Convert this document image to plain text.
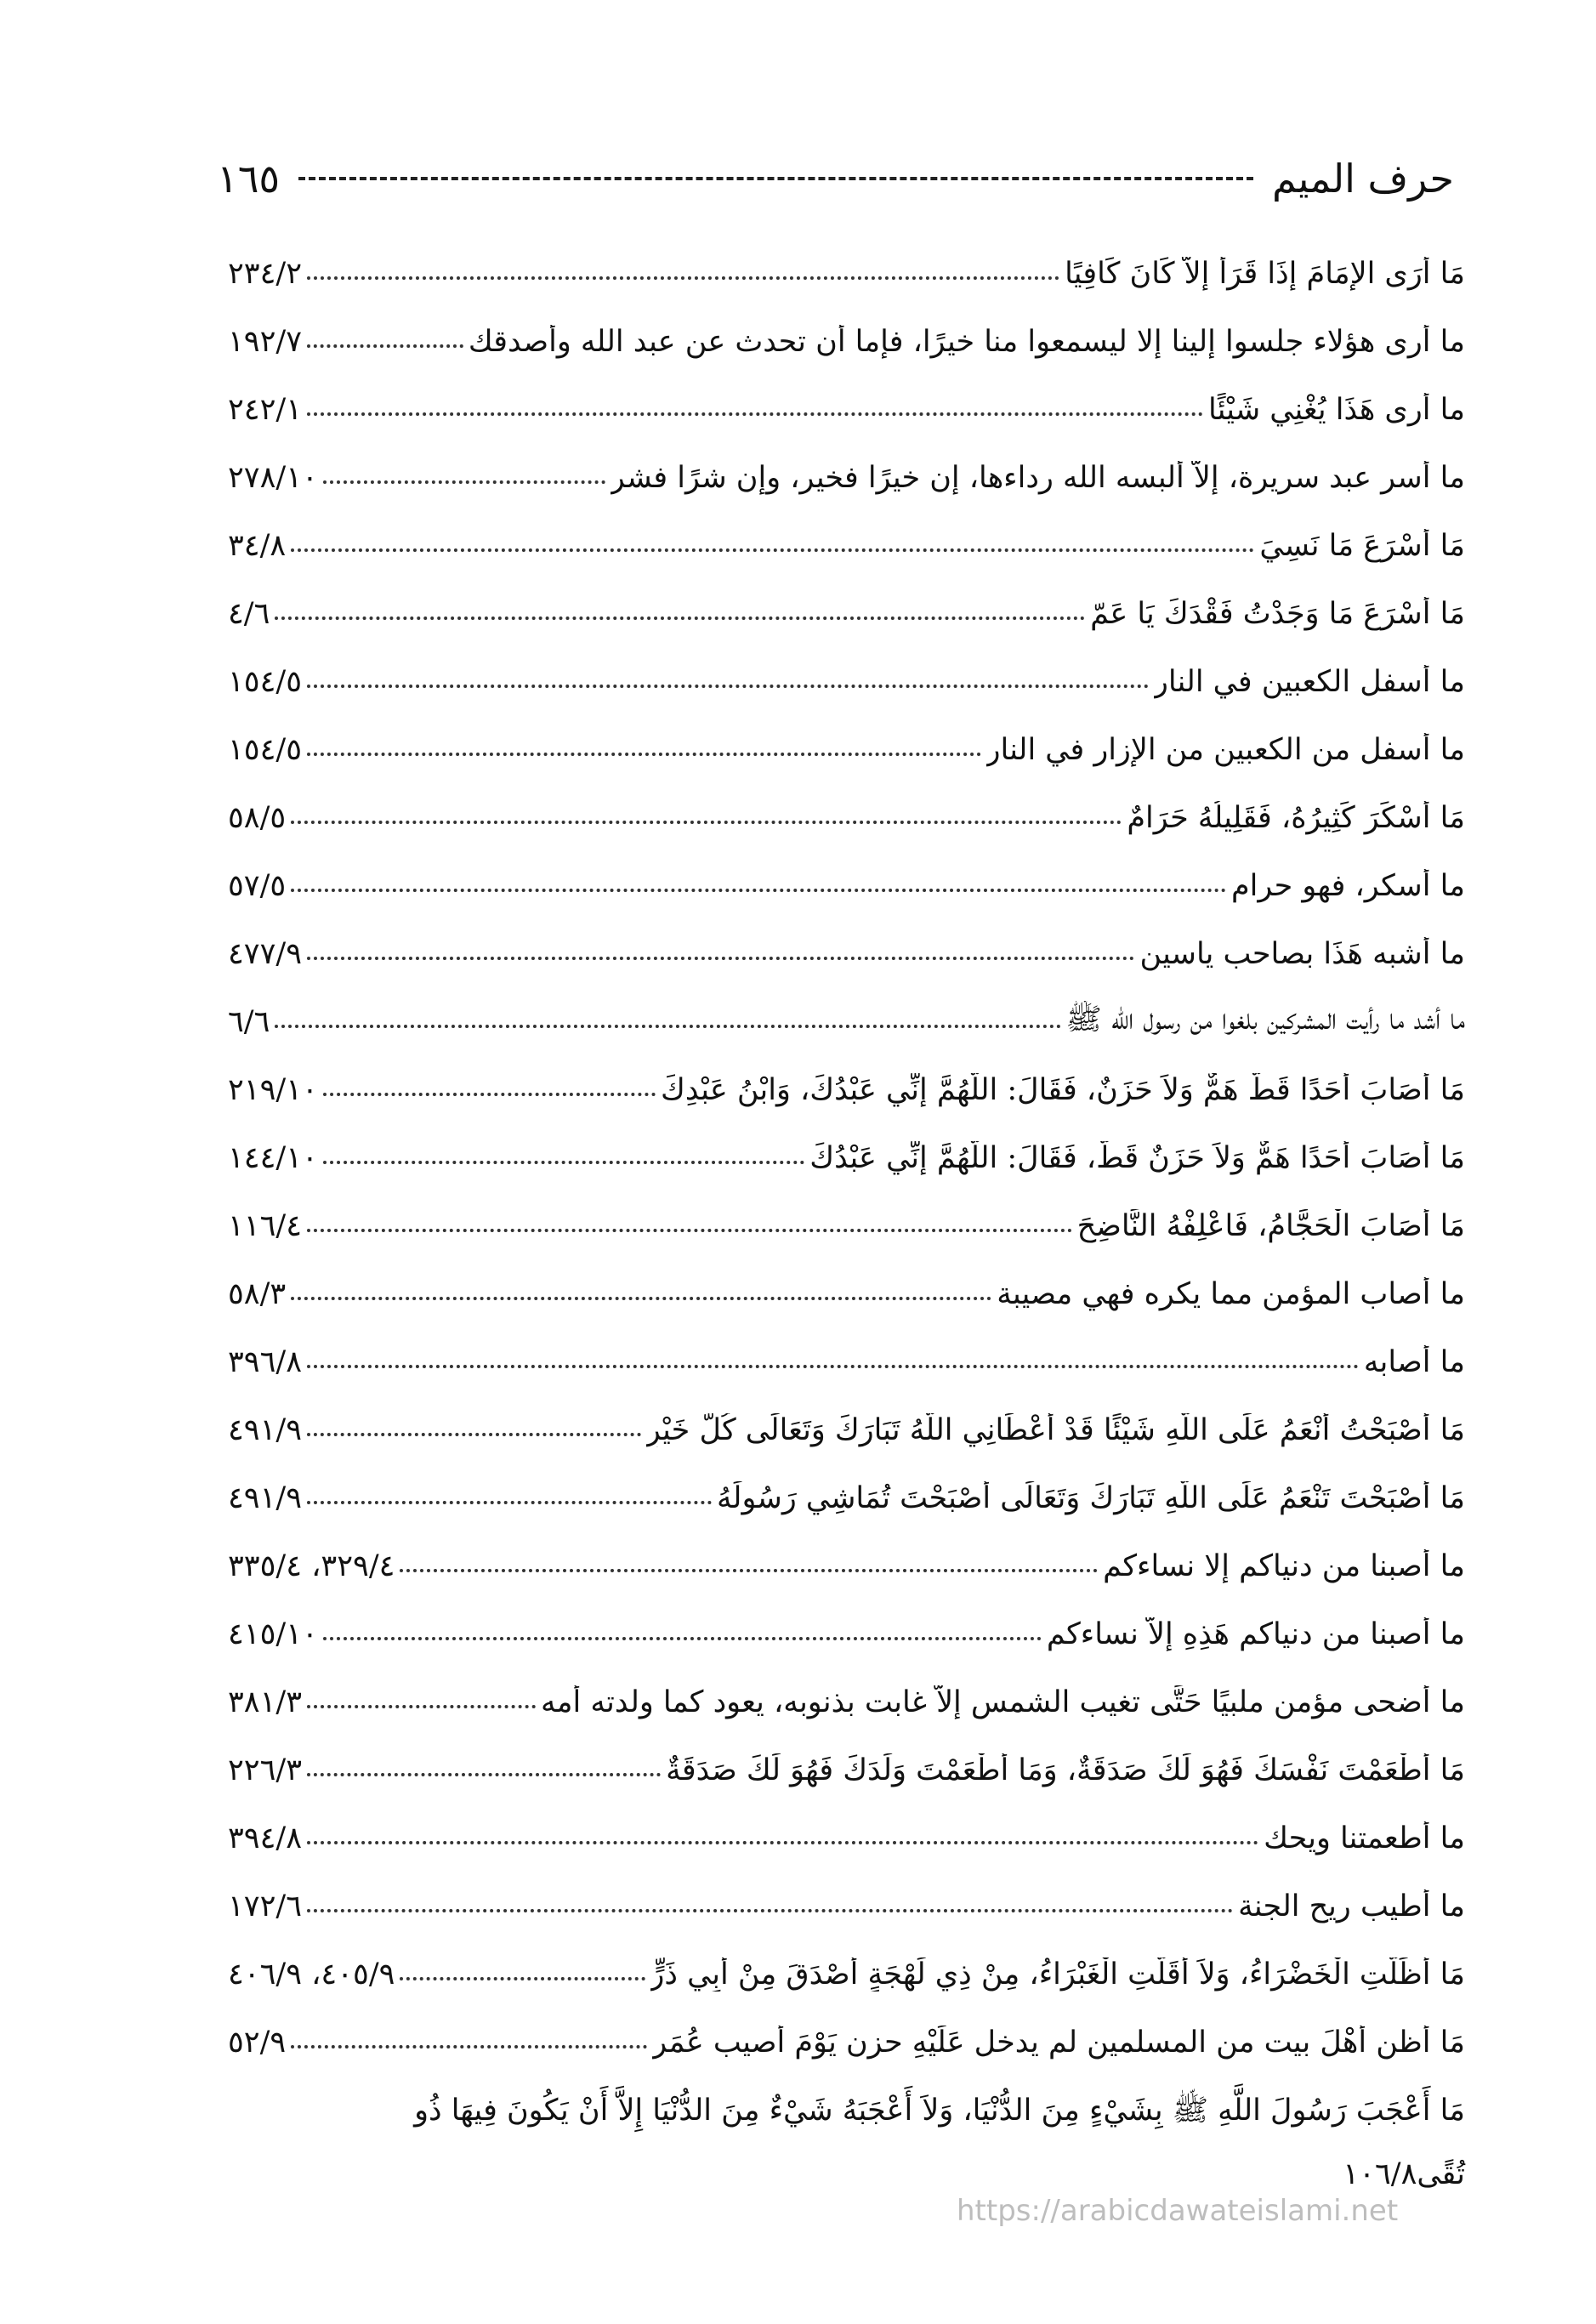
حرف الميم
١٦٥
مَا أَرَى الإِمَامَ إِذَا قَرَأَ إِلاَّ كَانَ كَافِيًا
٢٣٤/٢
ما أرى هؤلاء جلسوا إلينا إلا ليسمعوا منا خيرًا، فإما أن تحدث عن عبد الله وأصدقك
١٩٢/٧
ما أرى هَذَا يُغْنِي شَيْئًا
٢٤٢/١
ما أسر عبد سريرة، إلاَّ ألبسه الله رداءها، إن خيرًا فخير، وإن شرًا فشر
٢٧٨/١٠
مَا أَسْرَعَ مَا نَسِيَ
٣٤/٨
مَا أَسْرَعَ مَا وَجَدْتُ فَقْدَكَ يَا عَمّ
٤/٦
ما أسفل الكعبين في النار
١٥٤/٥
ما أسفل من الكعبين من الإزار في النار
١٥٤/٥
مَا أَسْكَرَ كَثِيرُهُ، فَقَلِيلُهُ حَرَامٌ
٥٨/٥
ما أسكر، فهو حرام
٥٧/٥
ما أشبه هَذَا بصاحب ياسين
٤٧٧/٩
ما أشد ما رأيت المشركين بلغوا من رسول الله ﷺ
٦/٦
مَا أَصَابَ أَحَدًا قَطُّ هَمٌّ وَلاَ حَزَنٌ، فَقَالَ: اللَّهُمَّ إِنِّي عَبْدُكَ، وَابْنُ عَبْدِكَ
٢١٩/١٠
مَا أَصَابَ أَحَدًا هَمٌّ وَلاَ حَزَنٌ قَطُّ، فَقَالَ: اللَّهُمَّ إِنِّي عَبْدُكَ
١٤٤/١٠
مَا أَصَابَ الْحَجَّامُ، فَاعْلِفْهُ النَّاضِحَ
١١٦/٤
ما أصاب المؤمن مما يكره فهي مصيبة
٥٨/٣
ما أصابه
٣٩٦/٨
مَا أَصْبَحْتُ أَنْعَمُ عَلَى اللَّهِ شَيْئًا قَدْ أَعْطَانِي اللَّهُ تَبَارَكَ وَتَعَالَى كُلَّ خَيْرٍ
٤٩١/٩
مَا أَصْبَحْتَ تَنْعَمُ عَلَى اللَّهِ تَبَارَكَ وَتَعَالَى أَصْبَحْتَ تُمَاشِي رَسُولَهُ
٤٩١/٩
ما أصبنا من دنياكم إلا نساءكم
٣٢٩/٤، ٣٣٥/٤
ما أصبنا من دنياكم هَذِهِ إلاَّ نساءكم
٤١٥/١٠
ما أضحى مؤمن ملبيًا حَتَّى تغيب الشمس إلاَّ غابت بذنوبه، يعود كما ولدته أمه
٣٨١/٣
مَا أَطْعَمْتَ نَفْسَكَ فَهُوَ لَكَ صَدَقَةٌ، وَمَا أَطْعَمْتَ وَلَدَكَ فَهُوَ لَكَ صَدَقَةٌ
٢٢٦/٣
ما أطعمتنا ويحك
٣٩٤/٨
ما أطيب ريح الجنة
١٧٢/٦
مَا أَظَلَّتِ الْخَضْرَاءُ، وَلاَ أَقَلَّتِ الْغَبْرَاءُ، مِنْ ذِي لَهْجَةٍ أَصْدَقَ مِنْ أَبِي ذَرٍّ
٤٠٥/٩، ٤٠٦/٩
مَا أظن أَهْلَ بيت من المسلمين لم يدخل عَلَيْهِ حزن يَوْمَ أُصيب عُمَر
٥٢/٩
مَا أَعْجَبَ رَسُولَ اللَّهِ ﷺ بِشَيْءٍ مِنَ الدُّنْيَا، وَلاَ أَعْجَبَهُ شَيْءٌ مِنَ الدُّنْيَا إِلاَّ أَنْ يَكُونَ فِيهَا ذُو
تُقًى
١٠٦/٨
https://arabicdawateislami.net
